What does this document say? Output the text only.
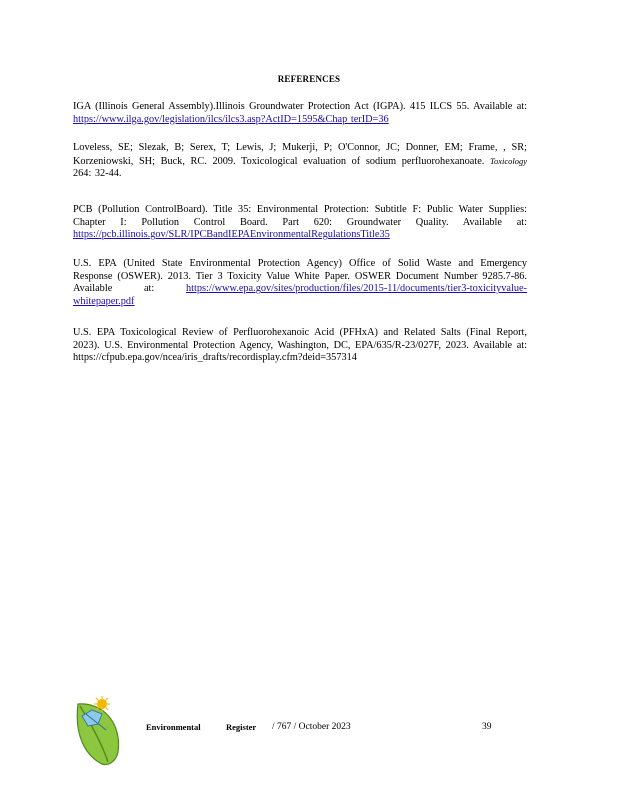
REFERENCES
IGA (Illinois General Assembly).Illinois Groundwater Protection Act (IGPA). 415 ILCS 55. Available at: https://www.ilga.gov/legislation/ilcs/ilcs3.asp?ActID=1595&Chap terID=36
Loveless, SE; Slezak, B; Serex, T; Lewis, J; Mukerji, P; O'Connor, JC; Donner, EM; Frame, , SR; Korzeniowski, SH; Buck, RC. 2009. Toxicological evaluation of sodium perfluorohexanoate. Toxicology 264: 32-44.
PCB (Pollution ControlBoard). Title 35: Environmental Protection: Subtitle F: Public Water Supplies: Chapter I: Pollution Control Board. Part 620: Groundwater Quality. Available at: https://pcb.illinois.gov/SLR/IPCBandIEPAEnvironmentalRegulationsTitle35
U.S. EPA (United State Environmental Protection Agency) Office of Solid Waste and Emergency Response (OSWER). 2013. Tier 3 Toxicity Value White Paper. OSWER Document Number 9285.7-86. Available at: https://www.epa.gov/sites/production/files/2015-11/documents/tier3-toxicityvalue-whitepaper.pdf
U.S. EPA Toxicological Review of Perfluorohexanoic Acid (PFHxA) and Related Salts (Final Report, 2023). U.S. Environmental Protection Agency, Washington, DC, EPA/635/R-23/027F, 2023. Available at: https://cfpub.epa.gov/ncea/iris_drafts/recordisplay.cfm?deid=357314
Environmental	Register / 767 / October 2023	39
